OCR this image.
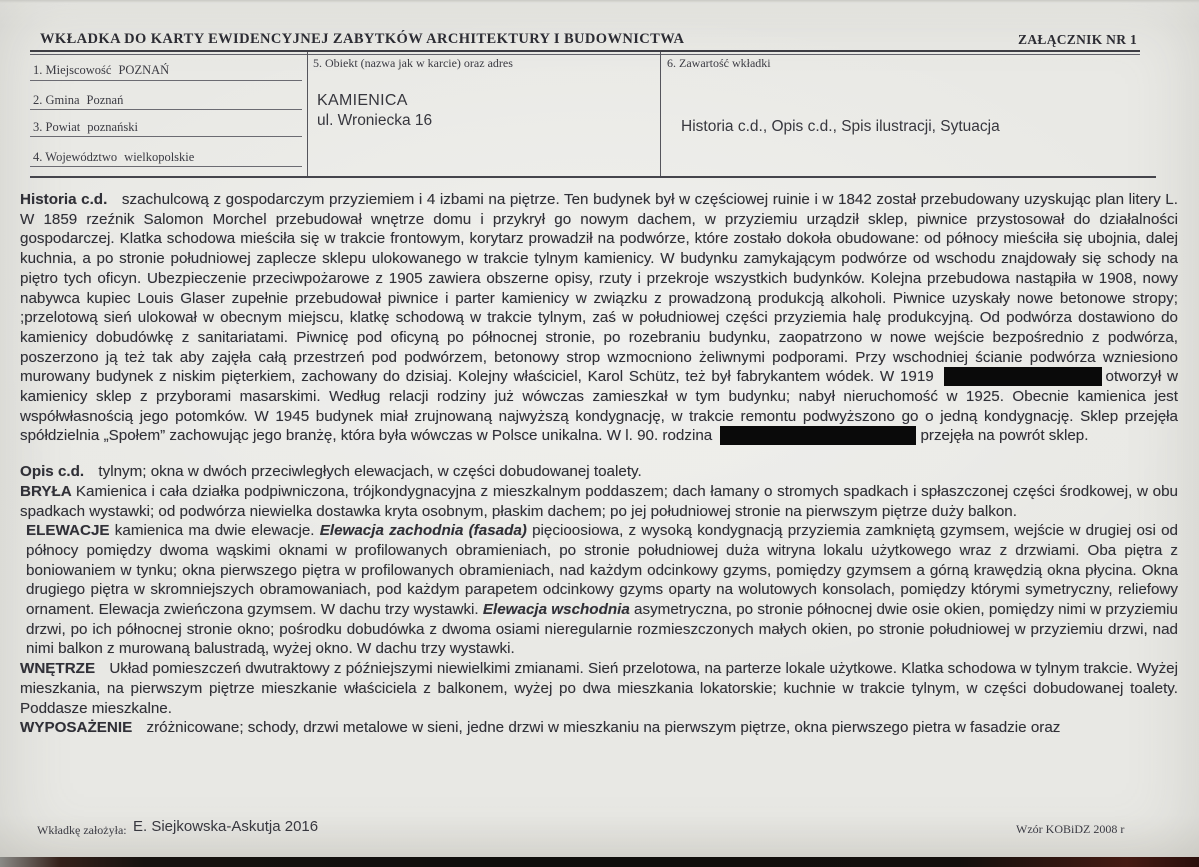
WKŁADKA DO KARTY EWIDENCYJNEJ ZABYTKÓW ARCHITEKTURY I BUDOWNICTWA	ZAŁĄCZNIK NR 1
1. Miejscowość POZNAŃ
2. Gmina Poznań
3. Powiat poznański
4. Województwo wielkopolskie
5. Obiekt (nazwa jak w karcie) oraz adres
KAMIENICA
ul. Wroniecka 16
6. Zawartość wkładki
Historia c.d., Opis c.d., Spis ilustracji, Sytuacja

Historia c.d. szachulcową z gospodarczym przyziemiem i 4 izbami na piętrze. Ten budynek był w częściowej ruinie i w 1842 został przebudowany uzyskując plan litery L. W 1859 rzeźnik Salomon Morchel przebudował wnętrze domu i przykrył go nowym dachem, w przyziemiu urządził sklep, piwnice przystosował do działalności gospodarczej. Klatka schodowa mieściła się w trakcie frontowym, korytarz prowadził na podwórze, które zostało dokoła obudowane: od północy mieściła się ubojnia, dalej kuchnia, a po stronie południowej zaplecze sklepu ulokowanego w trakcie tylnym kamienicy. W budynku zamykającym podwórze od wschodu znajdowały się schody na piętro tych oficyn. Ubezpieczenie przeciwpożarowe z 1905 zawiera obszerne opisy, rzuty i przekroje wszystkich budynków. Kolejna przebudowa nastąpiła w 1908, nowy nabywca kupiec Louis Glaser zupełnie przebudował piwnice i parter kamienicy w związku z prowadzoną produkcją alkoholi. Piwnice uzyskały nowe betonowe stropy; ;przelotową sień ulokował w obecnym miejscu, klatkę schodową w trakcie tylnym, zaś w południowej części przyziemia halę produkcyjną. Od podwórza dostawiono do kamienicy dobudówkę z sanitariatami. Piwnicę pod oficyną po północnej stronie, po rozebraniu budynku, zaopatrzono w nowe wejście bezpośrednio z podwórza, poszerzono ją też tak aby zajęła całą przestrzeń pod podwórzem, betonowy strop wzmocniono żeliwnymi podporami. Przy wschodniej ścianie podwórza wzniesiono murowany budynek z niskim pięterkiem, zachowany do dzisiaj. Kolejny właściciel, Karol Schütz, też był fabrykantem wódek. W 1919	otworzył w kamienicy sklep z przyborami masarskimi. Według relacji rodziny już wówczas zamieszkał w tym budynku; nabył nieruchomość w 1925. Obecnie kamienica jest współwłasnością jego potomków. W 1945 budynek miał zrujnowaną najwyższą kondygnację, w trakcie remontu podwyższono go o jedną kondygnację. Sklep przejęła spółdzielnia „Społem” zachowując jego branżę, która była wówczas w Polsce unikalna. W l. 90. rodzina	przejęła na powrót sklep.

Opis c.d. tylnym; okna w dwóch przeciwległych elewacjach, w części dobudowanej toalety.

BRYŁA Kamienica i cała działka podpiwniczona, trójkondygnacyjna z mieszkalnym poddaszem; dach łamany o stromych spadkach i spłaszczonej części środkowej, w obu spadkach wystawki; od podwórza niewielka dostawka kryta osobnym, płaskim dachem; po jej południowej stronie na pierwszym piętrze duży balkon.

ELEWACJE kamienica ma dwie elewacje. Elewacja zachodnia (fasada) pięcioosiowa, z wysoką kondygnacją przyziemia zamkniętą gzymsem, wejście w drugiej osi od północy pomiędzy dwoma wąskimi oknami w profilowanych obramieniach, po stronie południowej duża witryna lokalu użytkowego wraz z drzwiami. Oba piętra z boniowaniem w tynku; okna pierwszego piętra w profilowanych obramieniach, nad każdym odcinkowy gzyms, pomiędzy gzymsem a górną krawędzią okna płycina. Okna drugiego piętra w skromniejszych obramowaniach, pod każdym parapetem odcinkowy gzyms oparty na wolutowych konsolach, pomiędzy którymi symetryczny, reliefowy ornament. Elewacja zwieńczona gzymsem. W dachu trzy wystawki. Elewacja wschodnia asymetryczna, po stronie północnej dwie osie okien, pomiędzy nimi w przyziemiu drzwi, po ich północnej stronie okno; pośrodku dobudówka z dwoma osiami nieregularnie rozmieszczonych małych okien, po stronie południowej w przyziemiu drzwi, nad nimi balkon z murowaną balustradą, wyżej okno. W dachu trzy wystawki.

WNĘTRZE Układ pomieszczeń dwutraktowy z późniejszymi niewielkimi zmianami. Sień przelotowa, na parterze lokale użytkowe. Klatka schodowa w tylnym trakcie. Wyżej mieszkania, na pierwszym piętrze mieszkanie właściciela z balkonem, wyżej po dwa mieszkania lokatorskie; kuchnie w trakcie tylnym, w części dobudowanej toalety. Poddasze mieszkalne.

WYPOSAŻENIE zróżnicowane; schody, drzwi metalowe w sieni, jedne drzwi w mieszkaniu na pierwszym piętrze, okna pierwszego pietra w fasadzie oraz

Wkładkę założyła: E. Siejkowska-Askutja 2016	Wzór KOBiDZ 2008 r
